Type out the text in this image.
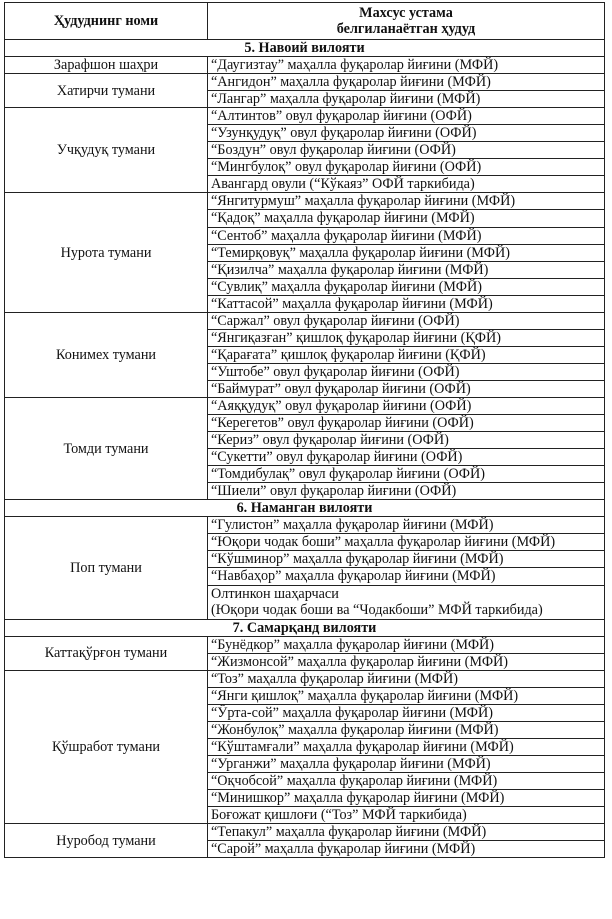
Ҳудуднинг номи	Махсус устама
белгиланаётган ҳудуд

5. Навоий вилояти	
Зарафшон шаҳри	“Даугизтау” маҳалла фуқаролар йиғини (МФЙ)
Хатирчи тумани	“Ангидон” маҳалла фуқаролар йиғини (МФЙ)
	“Лангар” маҳалла фуқаролар йиғини (МФЙ)
Учқудуқ тумани	“Алтинтов” овул фуқаролар йиғини (ОФЙ)
	“Узунқудуқ” овул фуқаролар йиғини (ОФЙ)
	“Боздун” овул фуқаролар йиғини (ОФЙ)
	“Мингбулоқ” овул фуқаролар йиғини (ОФЙ)
	Авангард овули (“Кўкаяз” ОФЙ таркибида)
Нурота тумани	“Янгитурмуш” маҳалла фуқаролар йиғини (МФЙ)
	“Қадоқ” маҳалла фуқаролар йиғини (МФЙ)
	“Сентоб” маҳалла фуқаролар йиғини (МФЙ)
	“Темирқовуқ” маҳалла фуқаролар йиғини (МФЙ)
	“Қизилча” маҳалла фуқаролар йиғини (МФЙ)
	“Сувлиқ” маҳалла фуқаролар йиғини (МФЙ)
	“Каттасой” маҳалла фуқаролар йиғини (МФЙ)
Конимех тумани	“Саржал” овул фуқаролар йиғини (ОФЙ)
	“Янгиқазған” қишлоқ фуқаролар йиғини (ҚФЙ)
	“Қарағата” қишлоқ фуқаролар йиғини (ҚФЙ)
	“Уштобе” овул фуқаролар йиғини (ОФЙ)
	“Баймурат” овул фуқаролар йиғини (ОФЙ)
Томди тумани	“Аяққудуқ” овул фуқаролар йиғини (ОФЙ)
	“Керегетов” овул фуқаролар йиғини (ОФЙ)
	“Кериз” овул фуқаролар йиғини (ОФЙ)
	“Сукетти” овул фуқаролар йиғини (ОФЙ)
	“Томдибулақ” овул фуқаролар йиғини (ОФЙ)
	“Шиели” овул фуқаролар йиғини (ОФЙ)
6. Наманган вилояти	
Поп тумани	“Гулистон” маҳалла фуқаролар йиғини (МФЙ)
	“Юқори чодак боши” маҳалла фуқаролар йиғини (МФЙ)
	“Кўшминор” маҳалла фуқаролар йиғини (МФЙ)
	“Навбаҳор” маҳалла фуқаролар йиғини (МФЙ)

	Олтинкон шаҳарчаси
(Юқори чодак боши ва “Чодакбоши” МФЙ таркибида)

7. Самарқанд вилояти	
Каттақўрғон тумани	“Бунёдкор” маҳалла фуқаролар йиғини (МФЙ)
	“Жизмонсой” маҳалла фуқаролар йиғини (МФЙ)
Қўшработ тумани	“Тоз” маҳалла фуқаролар йиғини (МФЙ)
	“Янги қишлоқ” маҳалла фуқаролар йиғини (МФЙ)
	“Ўрта-сой” маҳалла фуқаролар йиғини (МФЙ)
	“Жонбулоқ” маҳалла фуқаролар йиғини (МФЙ)
	“Кўштамғали” маҳалла фуқаролар йиғини (МФЙ)
	“Урганжи” маҳалла фуқаролар йиғини (МФЙ)
	“Оқчобсой” маҳалла фуқаролар йиғини (МФЙ)
	“Минишкор” маҳалла фуқаролар йиғини (МФЙ)
	Боғожат қишлоғи (“Тоз” МФЙ таркибида)
Нуробод тумани	“Тепакул” маҳалла фуқаролар йиғини (МФЙ)
	“Сарой” маҳалла фуқаролар йиғини (МФЙ)
